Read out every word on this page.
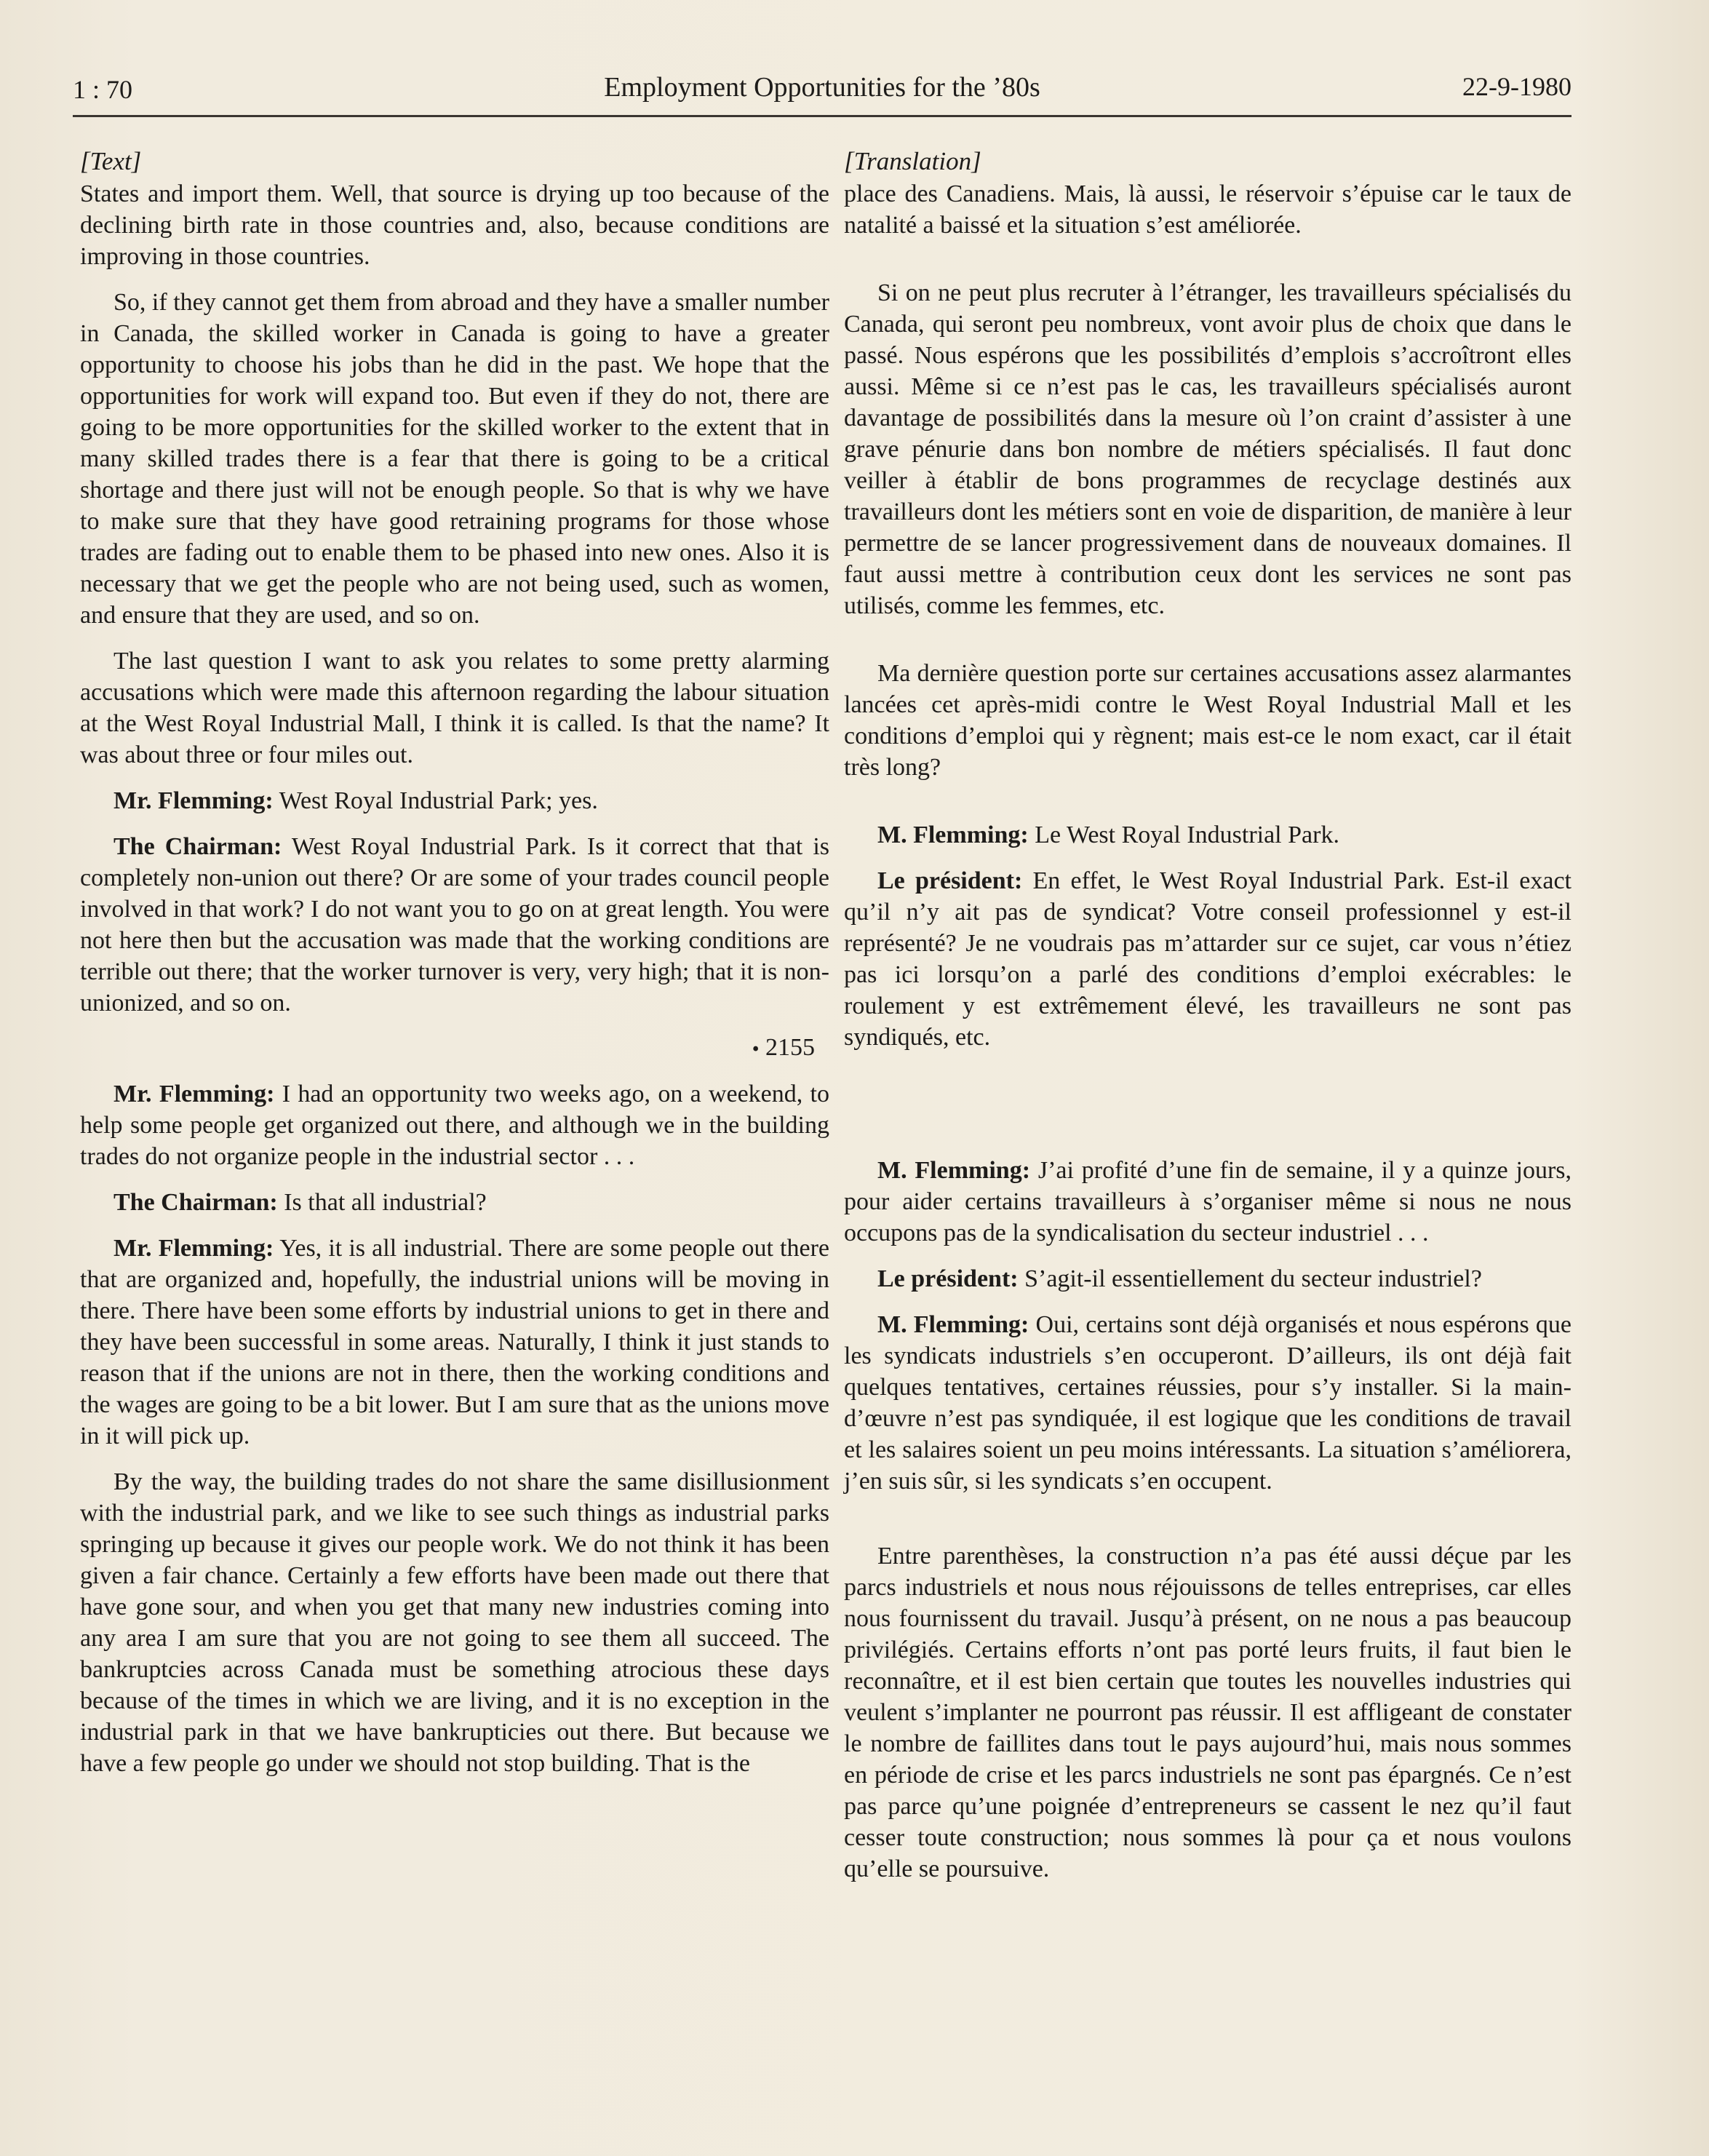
1 : 70	Employment Opportunities for the ’80s	22-9-1980
[Text]

States and import them. Well, that source is drying up too because of the declining birth rate in those countries and, also, because conditions are improving in those countries.

So, if they cannot get them from abroad and they have a smaller number in Canada, the skilled worker in Canada is going to have a greater opportunity to choose his jobs than he did in the past. We hope that the opportunities for work will expand too. But even if they do not, there are going to be more opportunities for the skilled worker to the extent that in many skilled trades there is a fear that there is going to be a critical shortage and there just will not be enough people. So that is why we have to make sure that they have good retraining programs for those whose trades are fading out to enable them to be phased into new ones. Also it is necessary that we get the people who are not being used, such as women, and ensure that they are used, and so on.

The last question I want to ask you relates to some pretty alarming accusations which were made this afternoon regarding the labour situation at the West Royal Industrial Mall, I think it is called. Is that the name? It was about three or four miles out.

Mr. Flemming: West Royal Industrial Park; yes.

The Chairman: West Royal Industrial Park. Is it correct that that is completely non-union out there? Or are some of your trades council people involved in that work? I do not want you to go on at great length. You were not here then but the accusation was made that the working conditions are terrible out there; that the worker turnover is very, very high; that it is non-unionized, and so on.

• 2155

Mr. Flemming: I had an opportunity two weeks ago, on a weekend, to help some people get organized out there, and although we in the building trades do not organize people in the industrial sector . . .

The Chairman: Is that all industrial?

Mr. Flemming: Yes, it is all industrial. There are some people out there that are organized and, hopefully, the industrial unions will be moving in there. There have been some efforts by industrial unions to get in there and they have been successful in some areas. Naturally, I think it just stands to reason that if the unions are not in there, then the working conditions and the wages are going to be a bit lower. But I am sure that as the unions move in it will pick up.

By the way, the building trades do not share the same disillusionment with the industrial park, and we like to see such things as industrial parks springing up because it gives our people work. We do not think it has been given a fair chance. Certainly a few efforts have been made out there that have gone sour, and when you get that many new industries coming into any area I am sure that you are not going to see them all succeed. The bankruptcies across Canada must be something atrocious these days because of the times in which we are living, and it is no exception in the industrial park in that we have bankrupticies out there. But because we have a few people go under we should not stop building. That is the

[Translation]

place des Canadiens. Mais, là aussi, le réservoir s’épuise car le taux de natalité a baissé et la situation s’est améliorée.

Si on ne peut plus recruter à l’étranger, les travailleurs spécialisés du Canada, qui seront peu nombreux, vont avoir plus de choix que dans le passé. Nous espérons que les possibilités d’emplois s’accroîtront elles aussi. Même si ce n’est pas le cas, les travailleurs spécialisés auront davantage de possibilités dans la mesure où l’on craint d’assister à une grave pénurie dans bon nombre de métiers spécialisés. Il faut donc veiller à établir de bons programmes de recyclage destinés aux travailleurs dont les métiers sont en voie de disparition, de manière à leur permettre de se lancer progressivement dans de nouveaux domaines. Il faut aussi mettre à contribution ceux dont les services ne sont pas utilisés, comme les femmes, etc.

Ma dernière question porte sur certaines accusations assez alarmantes lancées cet après-midi contre le West Royal Industrial Mall et les conditions d’emploi qui y règnent; mais est-ce le nom exact, car il était très long?

M. Flemming: Le West Royal Industrial Park.

Le président: En effet, le West Royal Industrial Park. Est-il exact qu’il n’y ait pas de syndicat? Votre conseil professionnel y est-il représenté? Je ne voudrais pas m’attarder sur ce sujet, car vous n’étiez pas ici lorsqu’on a parlé des conditions d’emploi exécrables: le roulement y est extrêmement élevé, les travailleurs ne sont pas syndiqués, etc.

M. Flemming: J’ai profité d’une fin de semaine, il y a quinze jours, pour aider certains travailleurs à s’organiser même si nous ne nous occupons pas de la syndicalisation du secteur industriel . . .

Le président: S’agit-il essentiellement du secteur industriel?

M. Flemming: Oui, certains sont déjà organisés et nous espérons que les syndicats industriels s’en occuperont. D’ailleurs, ils ont déjà fait quelques tentatives, certaines réussies, pour s’y installer. Si la main-d’œuvre n’est pas syndiquée, il est logique que les conditions de travail et les salaires soient un peu moins intéressants. La situation s’améliorera, j’en suis sûr, si les syndicats s’en occupent.

Entre parenthèses, la construction n’a pas été aussi déçue par les parcs industriels et nous nous réjouissons de telles entreprises, car elles nous fournissent du travail. Jusqu’à présent, on ne nous a pas beaucoup privilégiés. Certains efforts n’ont pas porté leurs fruits, il faut bien le reconnaître, et il est bien certain que toutes les nouvelles industries qui veulent s’implanter ne pourront pas réussir. Il est affligeant de constater le nombre de faillites dans tout le pays aujourd’hui, mais nous sommes en période de crise et les parcs industriels ne sont pas épargnés. Ce n’est pas parce qu’une poignée d’entrepreneurs se cassent le nez qu’il faut cesser toute construction; nous sommes là pour ça et nous voulons qu’elle se poursuive.
